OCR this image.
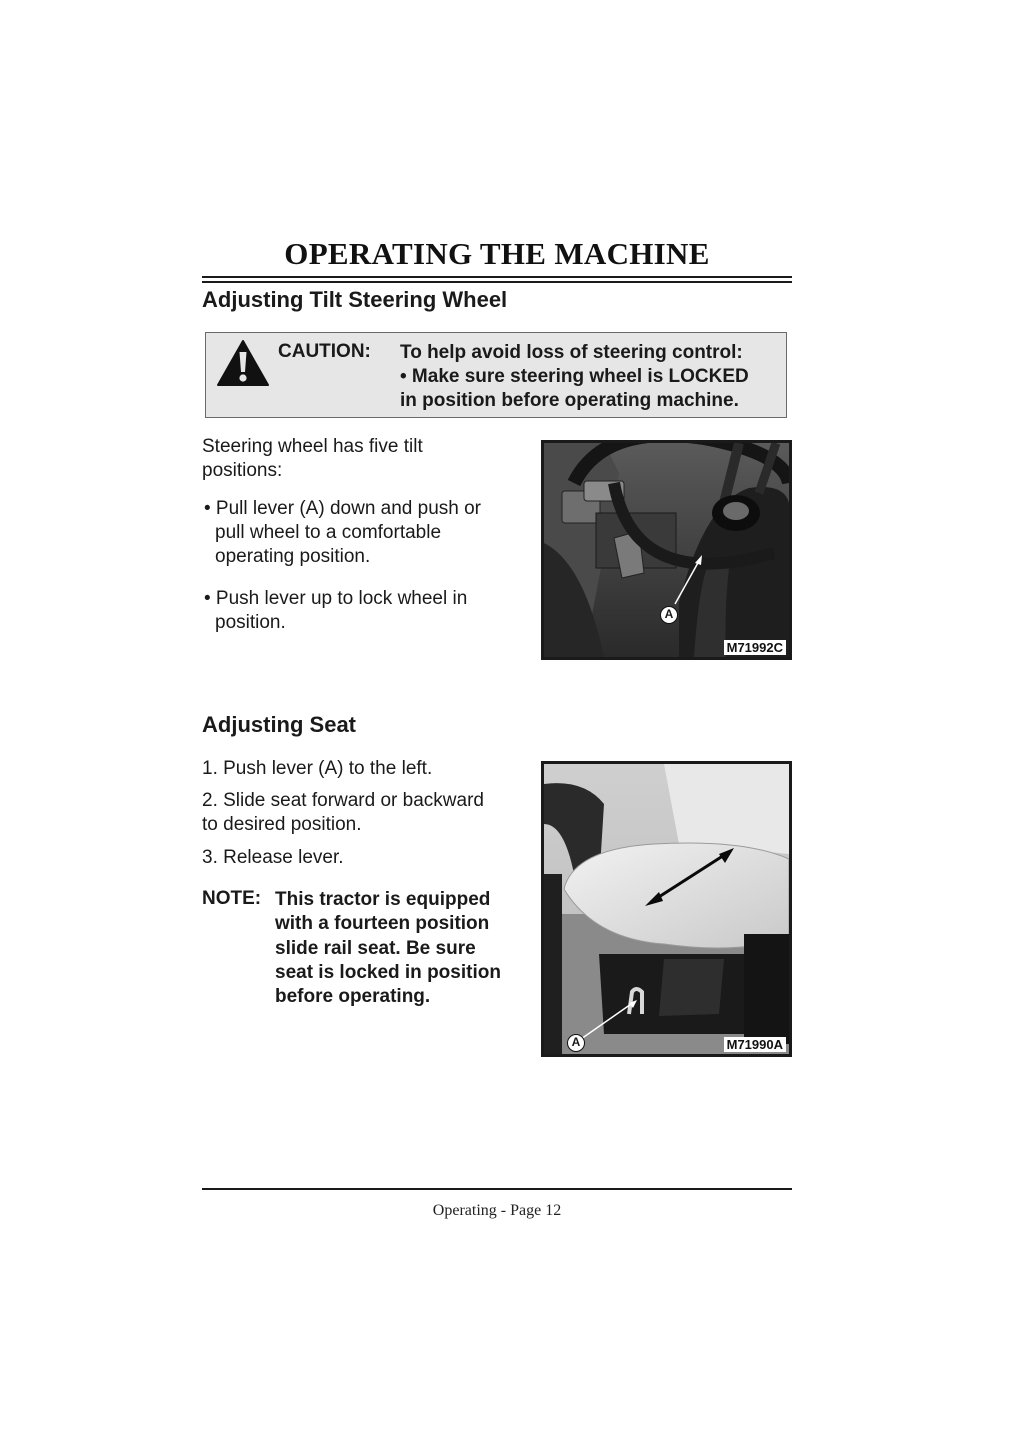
OPERATING THE MACHINE
Adjusting Tilt Steering Wheel
CAUTION: To help avoid loss of steering control:
• Make sure steering wheel is LOCKED
in position before operating machine.
Steering wheel has five tilt
positions:
• Pull lever (A) down and push or
pull wheel to a comfortable
operating position.
• Push lever up to lock wheel in
position.	A
M71992C
Adjusting Seat
1. Push lever (A) to the left.
2. Slide seat forward or backward
to desired position.
3. Release lever.
NOTE: This tractor is equipped
with a fourteen position
slide rail seat. Be sure
seat is locked in position
before operating.
A	M71990A
Operating - Page 12
